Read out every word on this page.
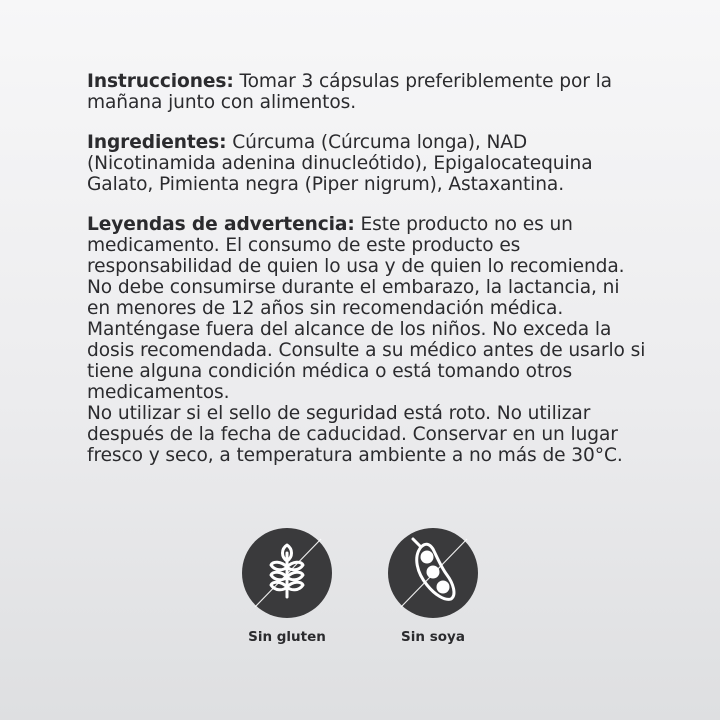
Instrucciones: Tomar 3 cápsulas preferiblemente por la mañana junto con alimentos.

Ingredientes: Cúrcuma (Cúrcuma longa), NAD (Nicotinamida adenina dinucleótido), Epigalocatequina Galato, Pimienta negra (Piper nigrum), Astaxantina.

Leyendas de advertencia: Este producto no es un medicamento. El consumo de este producto es responsabilidad de quien lo usa y de quien lo recomienda. No debe consumirse durante el embarazo, la lactancia, ni en menores de 12 años sin recomendación médica. Manténgase fuera del alcance de los niños. No exceda la dosis recomendada. Consulte a su médico antes de usarlo si tiene alguna condición médica o está tomando otros medicamentos.

No utilizar si el sello de seguridad está roto. No utilizar después de la fecha de caducidad. Conservar en un lugar fresco y seco, a temperatura ambiente a no más de 30°C.

Sin gluten	Sin soya
